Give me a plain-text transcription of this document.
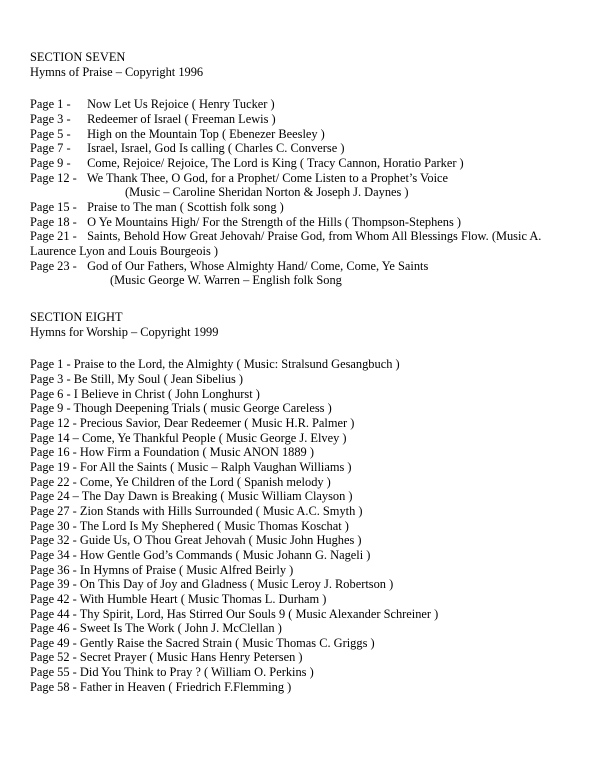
SECTION SEVEN
Hymns of Praise – Copyright 1996
Page 1 - Now Let Us Rejoice ( Henry Tucker )
Page 3 - Redeemer of Israel ( Freeman Lewis )
Page 5 - High on the Mountain Top ( Ebenezer Beesley )
Page 7 - Israel, Israel, God Is calling ( Charles C. Converse )
Page 9 - Come, Rejoice/ Rejoice, The Lord is King ( Tracy Cannon, Horatio Parker )
Page 12 - We Thank Thee, O God, for a Prophet/ Come Listen to a Prophet’s Voice
(Music – Caroline Sheridan Norton & Joseph J. Daynes )
Page 15 - Praise to The man ( Scottish folk song )
Page 18 - O Ye Mountains High/ For the Strength of the Hills ( Thompson-Stephens )
Page 21 - Saints, Behold How Great Jehovah/ Praise God, from Whom All Blessings Flow. (Music A. Laurence Lyon and Louis Bourgeois )
Page 23 - God of Our Fathers, Whose Almighty Hand/ Come, Come, Ye Saints
(Music George W. Warren – English folk Song
SECTION EIGHT
Hymns for Worship – Copyright 1999
Page 1 - Praise to the Lord, the Almighty ( Music: Stralsund Gesangbuch )
Page 3 - Be Still, My Soul ( Jean Sibelius )
Page 6 - I Believe in Christ ( John Longhurst )
Page 9 - Though Deepening Trials ( music George Careless )
Page 12 - Precious Savior, Dear Redeemer ( Music H.R. Palmer )
Page 14 – Come, Ye Thankful People ( Music George J. Elvey )
Page 16 - How Firm a Foundation ( Music ANON 1889 )
Page 19 - For All the Saints ( Music – Ralph Vaughan Williams )
Page 22 - Come, Ye Children of the Lord ( Spanish melody )
Page 24 – The Day Dawn is Breaking ( Music William Clayson )
Page 27 - Zion Stands with Hills Surrounded ( Music A.C. Smyth )
Page 30 - The Lord Is My Shephered ( Music Thomas Koschat )
Page 32 - Guide Us, O Thou Great Jehovah ( Music John Hughes )
Page 34 - How Gentle God’s Commands ( Music Johann G. Nageli )
Page 36 - In Hymns of Praise ( Music Alfred Beirly )
Page 39 - On This Day of Joy and Gladness ( Music Leroy J. Robertson )
Page 42 - With Humble Heart ( Music Thomas L. Durham )
Page 44 - Thy Spirit, Lord, Has Stirred Our Souls 9 ( Music Alexander Schreiner )
Page 46 - Sweet Is The Work ( John J. McClellan )
Page 49 - Gently Raise the Sacred Strain ( Music Thomas C. Griggs )
Page 52 - Secret Prayer ( Music Hans Henry Petersen )
Page 55 - Did You Think to Pray ? ( William O. Perkins )
Page 58 - Father in Heaven ( Friedrich F.Flemming )
